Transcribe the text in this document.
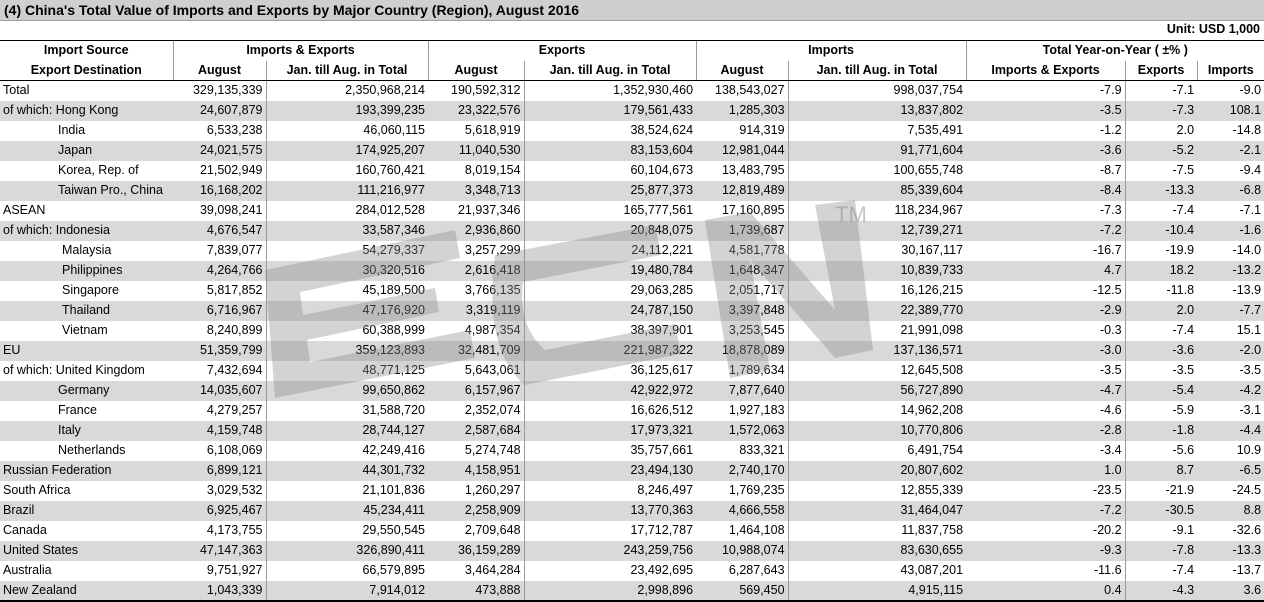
(4) China's Total Value of Imports and Exports by Major Country (Region), August 2016
Unit: USD 1,000
Import Source	Imports & Exports		Exports		Imports		Total Year-on-Year ( ±% )		
Export Destination	August	Jan. till Aug. in Total	August	Jan. till Aug. in Total	August	Jan. till Aug. in Total	Imports & Exports	Exports	Imports
Total	329,135,339	2,350,968,214	190,592,312	1,352,930,460	138,543,027	998,037,754	-7.9	-7.1	-9.0
of which: Hong Kong	24,607,879	193,399,235	23,322,576	179,561,433	1,285,303	13,837,802	-3.5	-7.3	108.1
India	6,533,238	46,060,115	5,618,919	38,524,624	914,319	7,535,491	-1.2	2.0	-14.8
Japan	24,021,575	174,925,207	11,040,530	83,153,604	12,981,044	91,771,604	-3.6	-5.2	-2.1
Korea, Rep. of	21,502,949	160,760,421	8,019,154	60,104,673	13,483,795	100,655,748	-8.7	-7.5	-9.4
Taiwan Pro., China	16,168,202	111,216,977	3,348,713	25,877,373	12,819,489	85,339,604	-8.4	-13.3	-6.8
ASEAN	39,098,241	284,012,528	21,937,346	165,777,561	17,160,895	118,234,967	-7.3	-7.4	-7.1
of which: Indonesia	4,676,547	33,587,346	2,936,860	20,848,075	1,739,687	12,739,271	-7.2	-10.4	-1.6
Malaysia	7,839,077	54,279,337	3,257,299	24,112,221	4,581,778	30,167,117	-16.7	-19.9	-14.0
Philippines	4,264,766	30,320,516	2,616,418	19,480,784	1,648,347	10,839,733	4.7	18.2	-13.2
Singapore	5,817,852	45,189,500	3,766,135	29,063,285	2,051,717	16,126,215	-12.5	-11.8	-13.9
Thailand	6,716,967	47,176,920	3,319,119	24,787,150	3,397,848	22,389,770	-2.9	2.0	-7.7
Vietnam	8,240,899	60,388,999	4,987,354	38,397,901	3,253,545	21,991,098	-0.3	-7.4	15.1
EU	51,359,799	359,123,893	32,481,709	221,987,322	18,878,089	137,136,571	-3.0	-3.6	-2.0
of which: United Kingdom	7,432,694	48,771,125	5,643,061	36,125,617	1,789,634	12,645,508	-3.5	-3.5	-3.5
Germany	14,035,607	99,650,862	6,157,967	42,922,972	7,877,640	56,727,890	-4.7	-5.4	-4.2
France	4,279,257	31,588,720	2,352,074	16,626,512	1,927,183	14,962,208	-4.6	-5.9	-3.1
Italy	4,159,748	28,744,127	2,587,684	17,973,321	1,572,063	10,770,806	-2.8	-1.8	-4.4
Netherlands	6,108,069	42,249,416	5,274,748	35,757,661	833,321	6,491,754	-3.4	-5.6	10.9
Russian Federation	6,899,121	44,301,732	4,158,951	23,494,130	2,740,170	20,807,602	1.0	8.7	-6.5
South Africa	3,029,532	21,101,836	1,260,297	8,246,497	1,769,235	12,855,339	-23.5	-21.9	-24.5
Brazil	6,925,467	45,234,411	2,258,909	13,770,363	4,666,558	31,464,047	-7.2	-30.5	8.8
Canada	4,173,755	29,550,545	2,709,648	17,712,787	1,464,108	11,837,758	-20.2	-9.1	-32.6
United States	47,147,363	326,890,411	36,159,289	243,259,756	10,988,074	83,630,655	-9.3	-7.8	-13.3
Australia	9,751,927	66,579,895	3,464,284	23,492,695	6,287,643	43,087,201	-11.6	-7.4	-13.7
New Zealand	1,043,339	7,914,012	473,888	2,998,896	569,450	4,915,115	0.4	-4.3	3.6
TM
